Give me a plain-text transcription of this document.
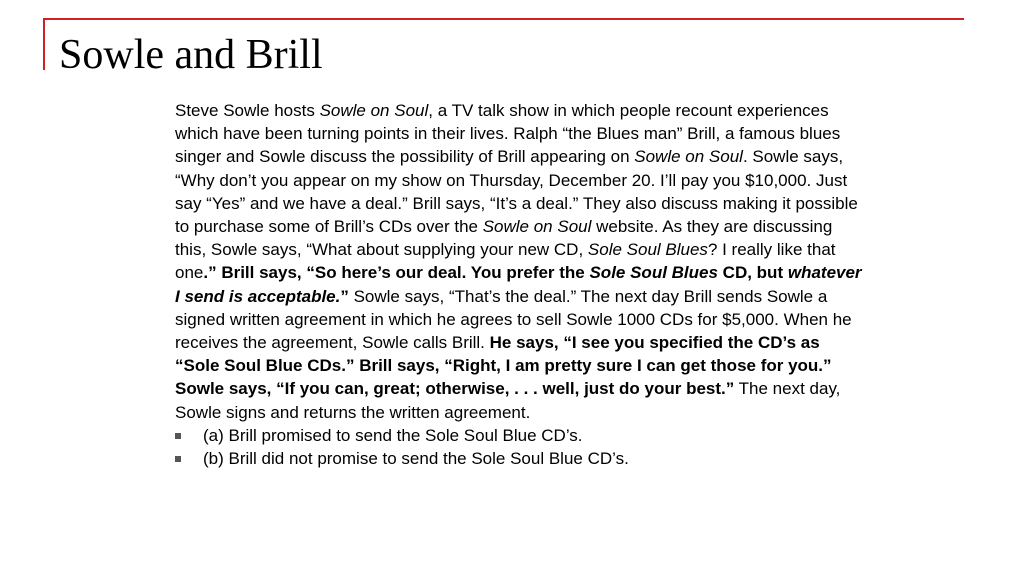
Sowle and Brill

Steve Sowle hosts Sowle on Soul, a TV talk show in which people recount experiences which have been turning points in their lives. Ralph “the Blues man” Brill, a famous blues singer and Sowle discuss the possibility of Brill appearing on Sowle on Soul. Sowle says, “Why don’t you appear on my show on Thursday, December 20. I’ll pay you $10,000. Just say “Yes” and we have a deal.” Brill says, “It’s a deal.” They also discuss making it possible to purchase some of Brill’s CDs over the Sowle on Soul website. As they are discussing this, Sowle says, “What about supplying your new CD, Sole Soul Blues? I really like that one.” Brill says, “So here’s our deal. You prefer the Sole Soul Blues CD, but whatever I send is acceptable.” Sowle says, “That’s the deal.” The next day Brill sends Sowle a signed written agreement in which he agrees to sell Sowle 1000 CDs for $5,000. When he receives the agreement, Sowle calls Brill. He says, “I see you specified the CD’s as “Sole Soul Blue CDs.” Brill says, “Right, I am pretty sure I can get those for you.” Sowle says, “If you can, great; otherwise, . . . well, just do your best.” The next day, Sowle signs and returns the written agreement.

(a) Brill promised to send the Sole Soul Blue CD’s.
(b) Brill did not promise to send the Sole Soul Blue CD’s.
